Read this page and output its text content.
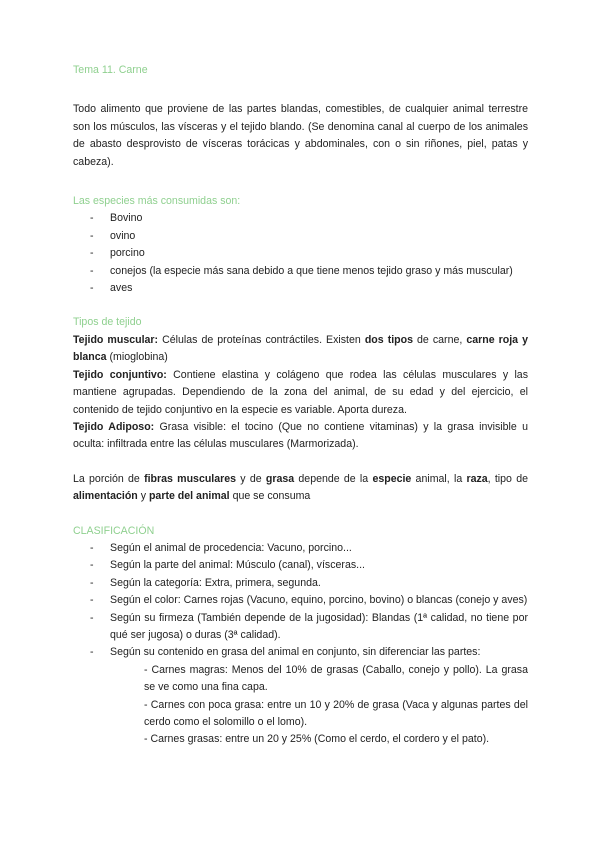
Tema 11. Carne

Todo alimento que proviene de las partes blandas, comestibles, de cualquier animal terrestre son los músculos, las vísceras y el tejido blando. (Se denomina canal al cuerpo de los animales de abasto desprovisto de vísceras torácicas y abdominales, con o sin riñones, piel, patas y cabeza).

Las especies más consumidas son:
- Bovino
- ovino
- porcino
- conejos (la especie más sana debido a que tiene menos tejido graso y más muscular)
- aves
Tipos de tejido

Tejido muscular: Células de proteínas contráctiles. Existen dos tipos de carne, carne roja y blanca (mioglobina)

Tejido conjuntivo: Contiene elastina y colágeno que rodea las células musculares y las mantiene agrupadas. Dependiendo de la zona del animal, de su edad y del ejercicio, el contenido de tejido conjuntivo en la especie es variable. Aporta dureza.

Tejido Adiposo: Grasa visible: el tocino (Que no contiene vitaminas) y la grasa invisible u oculta: infiltrada entre las células musculares (Marmorizada).

La porción de fibras musculares y de grasa depende de la especie animal, la raza, tipo de alimentación y parte del animal que se consuma

CLASIFICACIÓN
- Según el animal de procedencia: Vacuno, porcino...
- Según la parte del animal: Músculo (canal), vísceras...
- Según la categoría: Extra, primera, segunda.
- Según el color: Carnes rojas (Vacuno, equino, porcino, bovino) o blancas (conejo y aves)
- Según su firmeza (También depende de la jugosidad): Blandas (1ª calidad, no tiene por qué ser jugosa) o duras (3ª calidad).
- Según su contenido en grasa del animal en conjunto, sin diferenciar las partes:
- Carnes magras: Menos del 10% de grasas (Caballo, conejo y pollo). La grasa se ve como una fina capa.
- Carnes con poca grasa: entre un 10 y 20% de grasa (Vaca y algunas partes del cerdo como el solomillo o el lomo).
- Carnes grasas: entre un 20 y 25% (Como el cerdo, el cordero y el pato).
